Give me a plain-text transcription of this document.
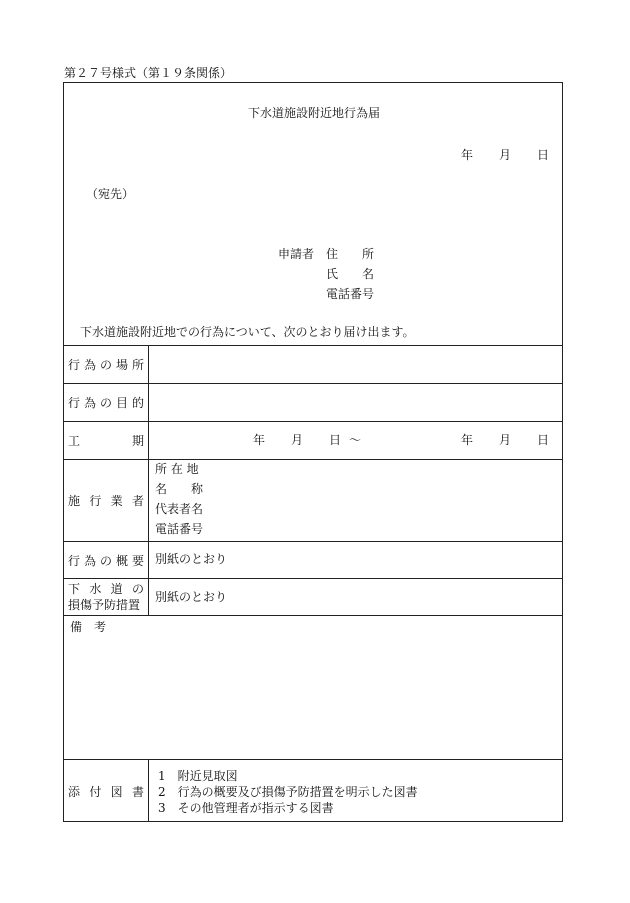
第２７号様式（第１９条関係）
下水道施設附近地行為届
年 月 日
（宛先）
申請者 住　　所
氏　　名
電話番号
下水道施設附近地での行為について、次のとおり届け出ます。
行 為 の 場 所
行 為 の 目 的
工	期	年 月 日 ～	年 月 日
施 行 業 者
所 在 地
名　　称
代表者名
電話番号
行 為 の 概 要 別紙のとおり
下 水 道 の
損傷予防措置
別紙のとおり
備　考
添 付 図 書
1　附近見取図
2　行為の概要及び損傷予防措置を明示した図書
3　その他管理者が指示する図書
